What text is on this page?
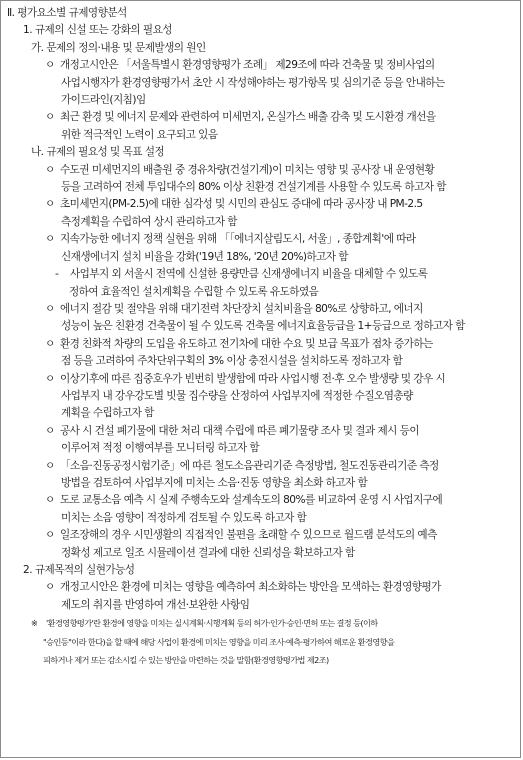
Ⅱ. 평가요소별 규제영향분석
1. 규제의 신설 또는 강화의 필요성
가. 문제의 정의·내용 및 문제발생의 원인
ㅇ 개정고시안은 「서울특별시 환경영향평가 조례」 제29조에 따라 건축물 및 정비사업의
사업시행자가 환경영향평가서 초안 시 작성해야하는 평가항목 및 심의기준 등을 안내하는
가이드라인(지침)임
ㅇ 최근 환경 및 에너지 문제와 관련하여 미세먼지, 온실가스 배출 감축 및 도시환경 개선을
위한 적극적인 노력이 요구되고 있음
나. 규제의 필요성 및 목표 설정
ㅇ 수도권 미세먼지의 배출원 중 경유차량(건설기계)이 미치는 영향 및 공사장 내 운영현황
등을 고려하여 전체 투입대수의 80% 이상 친환경 건설기계를 사용할 수 있도록 하고자 함
ㅇ 초미세먼지(PM-2.5)에 대한 심각성 및 시민의 관심도 증대에 따라 공사장 내 PM-2.5
측정계획을 수립하여 상시 관리하고자 함
ㅇ 지속가능한 에너지 정책 실현을 위해 「「에너지살림도시, 서울」, 종합계획'에 따라
신재생에너지 설치 비율을 강화('19년 18%, '20년 20%)하고자 함
- 사업부지 외 서울시 전역에 신설한 용량만큼 신재생에너지 비율을 대체할 수 있도록
정하여 효율적인 설치계획을 수립할 수 있도록 유도하였음
ㅇ 에너지 절감 및 절약을 위해 대기전력 차단장치 설치비율을 80%로 상향하고, 에너지
성능이 높은 친환경 건축물이 될 수 있도록 건축물 에너지효율등급을 1+등급으로 정하고자 함
ㅇ 환경 친화적 차량의 도입을 유도하고 전기차에 대한 수요 및 보급 목표가 점차 증가하는
점 등을 고려하여 주차단위구획의 3% 이상 충전시설을 설치하도록 정하고자 함
ㅇ 이상기후에 따른 집중호우가 빈번히 발생함에 따라 사업시행 전·후 오수 발생량 및 강우 시
사업부지 내 강우강도별 빗물 집수량을 산정하여 사업부지에 적정한 수질오염총량
계획을 수립하고자 함
ㅇ 공사 시 건설 폐기물에 대한 처리 대책 수립에 따른 폐기물량 조사 및 결과 제시 등이
이루어져 적정 이행여부를 모니터링 하고자 함
ㅇ 「소음·진동공정시험기준」에 따른 철도소음관리기준 측정방법, 철도진동관리기준 측정
방법을 검토하여 사업부지에 미치는 소음·진동 영향을 최소화 하고자 함
ㅇ 도로 교통소음 예측 시 실제 주행속도와 설계속도의 80%를 비교하여 운영 시 사업지구에
미치는 소음 영향이 적정하게 검토될 수 있도록 하고자 함
ㅇ 일조장해의 경우 시민생활의 직접적인 불편을 초래할 수 있으므로 월드램 분석도의 예측
정확성 제고로 일조 시뮬레이션 결과에 대한 신뢰성을 확보하고자 함
2. 규제목적의 실현가능성
ㅇ 개정고시안은 환경에 미치는 영향을 예측하여 최소화하는 방안을 모색하는 환경영향평가
제도의 취지를 반영하여 개선·보완한 사항임
※ '환경영향평가'란 환경에 영향을 미치는 실시계획·시행계획 등의 허가·인가·승인·면허 또는 결정 등(이하
"승인등"이라 한다)을 할 때에 해당 사업이 환경에 미치는 영향을 미리 조사·예측·평가하여 해로운 환경영향을
피하거나 제거 또는 감소시킬 수 있는 방안을 마련하는 것을 말함(환경영향평가법 제2조)
